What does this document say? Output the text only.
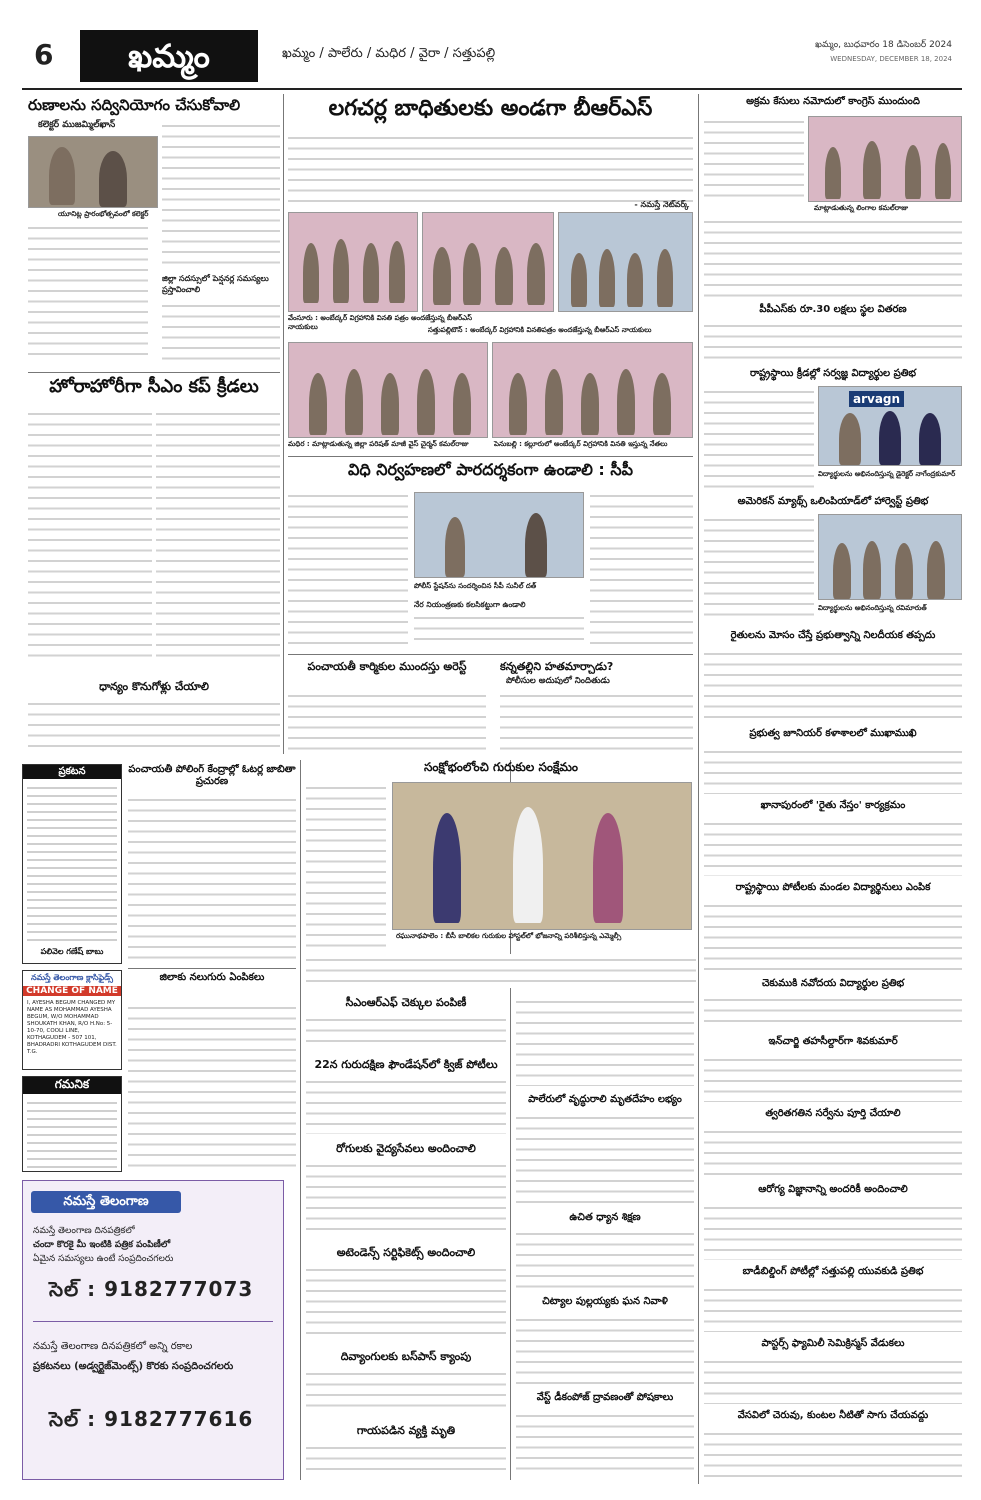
6	ఖమ్మం	ఖమ్మం / పాలేరు / మధిర / వైరా / సత్తుపల్లి
ఖమ్మం, బుధవారం 18 డిసెంబర్ 2024
WEDNESDAY, DECEMBER 18, 2024
రుణాలను సద్వినియోగం చేసుకోవాలి
కలెక్టర్ ముజమ్మిల్‌ఖాన్
యూనిట్ల ప్రారంభోత్సవంలో కలెక్టర్
జిల్లా సదస్సులో పెన్షనర్ల సమస్యలు ప్రస్తావించాలి
హోరాహోరీగా సీఎం కప్ క్రీడలు
ధాన్యం కొనుగోళ్లు చేయాలి
లగచర్ల బాధితులకు అండగా బీఆర్‌ఎస్
- నమస్తే నెట్‌వర్క్
వేంసూరు : అంబేద్కర్ విగ్రహానికి వినతి పత్రం అందజేస్తున్న బీఆర్‌ఎస్ నాయకులు	సత్తుపల్లిటౌన్ : అంబేద్కర్ విగ్రహానికి వినతిపత్రం అందజేస్తున్న బీఆర్‌ఎస్ నాయకులు
మధిర : మాట్లాడుతున్న జిల్లా పరిషత్ మాజీ వైస్ చైర్మన్ కమల్‌రాజు	పెనుబల్లి : కల్లూరులో అంబేద్కర్ విగ్రహానికి వినతి ఇస్తున్న నేతలు
విధి నిర్వహణలో పారదర్శకంగా ఉండాలి : సీపీ
పోలీస్ స్టేషన్‌ను సందర్శించిన సీపీ సునీల్ దత్
నేర నియంత్రణకు కలసికట్టుగా ఉండాలి
పంచాయతీ కార్మికుల ముందస్తు అరెస్ట్	కన్నతల్లిని హతమార్చాడు?
పోలీసుల అదుపులో నిందితుడు
ప్రకటన
పలివెల గణేష్ బాబు
నమస్తే తెలంగాణ క్లాసిఫైడ్స్
CHANGE OF NAME
I, AYESHA BEGUM CHANGED MY NAME AS MOHAMMAD AYESHA BEGUM, W/O MOHAMMAD SHOUKATH KHAN, R/O H.No: 5-10-70, COOLI LINE, KOTHAGUDEM - 507 101, BHADRADRI KOTHAGUDEM DIST. T.G.
గమనిక
నమస్తే తెలంగాణ
నమస్తే తెలంగాణ దినపత్రికలో
చందా కొరకై మీ ఇంటికి పత్రిక పంపిణీలో
ఏమైన సమస్యలు ఉంటే సంప్రదించగలరు
సెల్ : 9182777073
నమస్తే తెలంగాణ దినపత్రికలో అన్ని రకాల
ప్రకటనలు (అడ్వర్టైజ్‌మెంట్స్) కొరకు సంప్రదించగలరు
సెల్ : 9182777616
పంచాయతీ పోలింగ్ కేంద్రాల్లో ఓటర్ల జాబితా ప్రచురణ
జిలాకు నలుగురు ఏంపికలు
సంక్షోభంలోంచి గురుకుల సంక్షేమం
రఘునాథపాలెం : బీసీ బాలికల గురుకుల హాస్టల్‌లో భోజనాన్ని పరిశీలిస్తున్న ఎమ్మెల్సీ
సీఎంఆర్‌ఎఫ్ చెక్కుల పంపిణీ
22న గురుదక్షిణ ఫౌండేషన్‌లో క్విజ్ పోటీలు
రోగులకు వైద్యసేవలు అందించాలి
అటెండెన్స్ సర్టిఫికెట్స్ అందించాలి
దివ్యాంగులకు బస్‌పాస్ క్యాంపు
గాయపడిన వ్యక్తి మృతి
పాలేరులో వృద్ధురాలి మృతదేహం లభ్యం
ఉచిత ధ్యాన శిక్షణ
చిట్యాల పుల్లయ్యకు ఘన నివాళి
వేస్ట్ డీకంపోజ్ ద్రావణంతో పోషకాలు
అక్రమ కేసులు నమోదులో కాంగ్రెస్ ముందుంది
మాట్లాడుతున్న లింగాల కమల్‌రాజు
పీపీఎస్‌కు రూ.30 లక్షలు స్థల వితరణ
రాష్ట్రస్థాయి క్రీడల్లో సర్వజ్ఞ విద్యార్థుల ప్రతిభ
arvagn
విద్యార్థులను అభినందిస్తున్న డైరెక్టర్ నాగేంద్రకుమార్
అమెరికన్ మ్యాథ్స్ ఒలింపియాడ్‌లో హార్వెస్ట్ ప్రతిభ
విద్యార్థులను అభినందిస్తున్న రవిమారుత్
రైతులను మోసం చేస్తే ప్రభుత్వాన్ని నిలదీయక తప్పదు
ప్రభుత్వ జూనియర్ కళాశాలలో ముఖాముఖి
ఖానాపురంలో 'రైతు నేస్తం' కార్యక్రమం
రాష్ట్రస్థాయి పోటీలకు మండల విద్యార్థినులు ఎంపిక
చెకుముకి నవోదయ విద్యార్థుల ప్రతిభ
ఇన్‌చార్జి తహసీల్దార్‌గా శివకుమార్
త్వరితగతిన సర్వేను పూర్తి చేయాలి
ఆరోగ్య విజ్ఞానాన్ని అందరికీ అందించాలి
బాడీబిల్డింగ్ పోటీల్లో సత్తుపల్లి యువకుడి ప్రతిభ
పాస్టర్స్ ఫ్యామిలీ సెమిక్రిస్మస్ వేడుకలు
వేసవిలో చెరువు, కుంటల నీటితో సాగు చేయవద్దు
